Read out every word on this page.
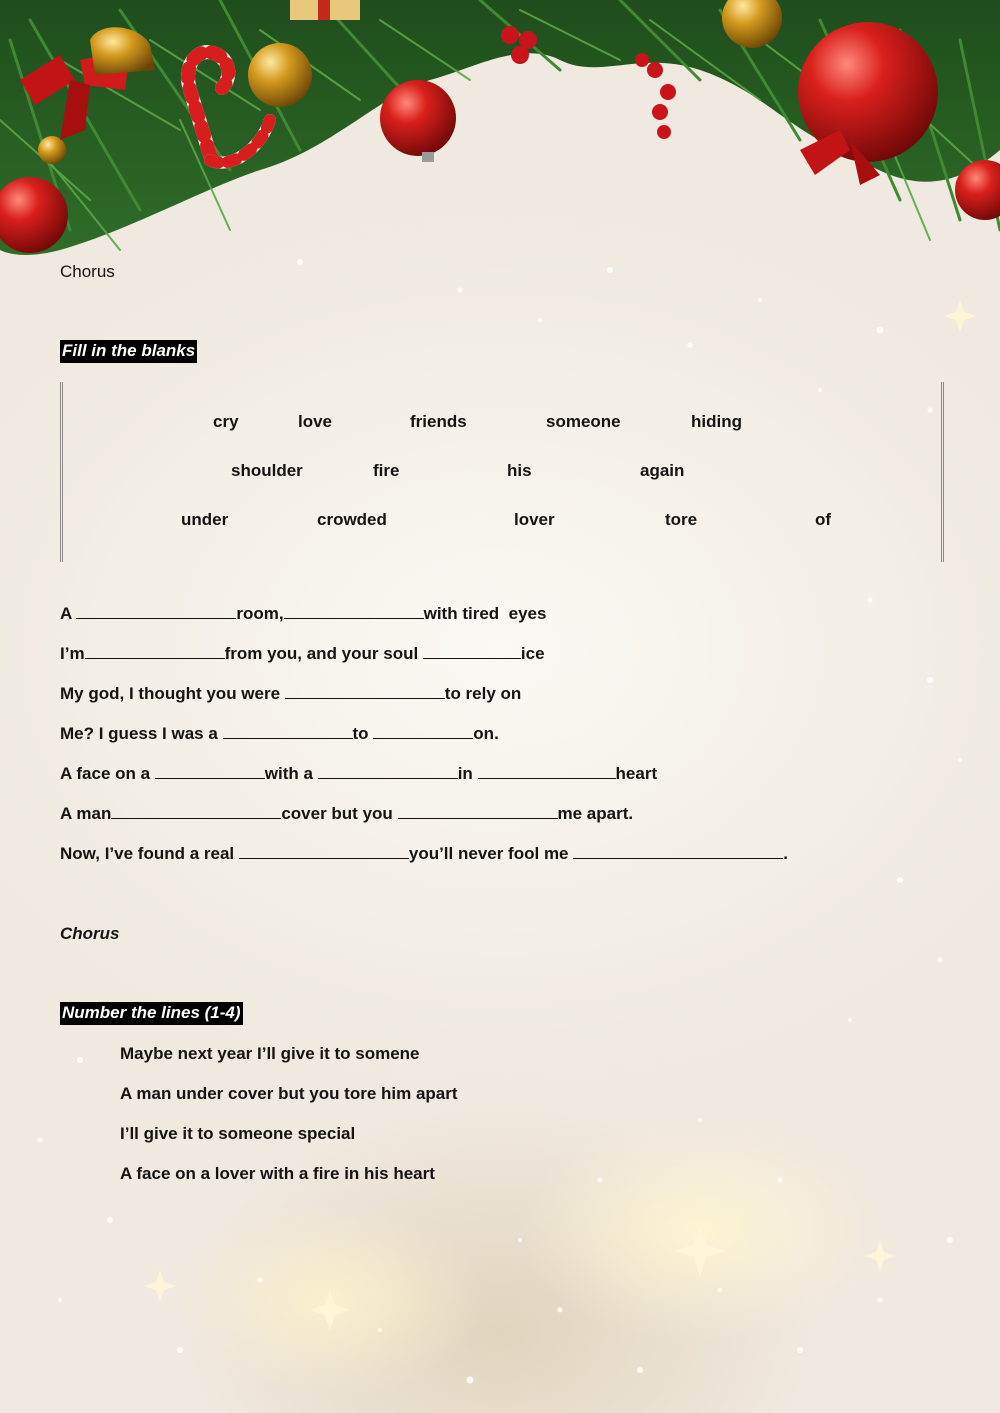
Chorus
Fill in the blanks
cry	love	friends	someone	hiding
shoulder	fire	his	again
under	crowded	lover	tore	of
A	room,	with tired  eyes
I’m	from you, and your soul	ice
My god, I thought you were	to rely on
Me? I guess I was a	to	on.
A face on a	with a	in	heart
A man	cover but you	me apart.
Now, I’ve found a real	you’ll never fool me	.
Chorus
Number the lines (1-4)
Maybe next year I’ll give it to somene
A man under cover but you tore him apart
I’ll give it to someone special
A face on a lover with a fire in his heart
